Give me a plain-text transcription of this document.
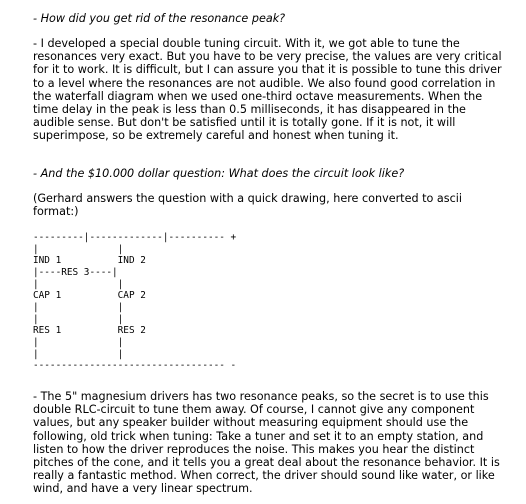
- How did you get rid of the resonance peak?

- I developed a special double tuning circuit. With it, we got able to tune the resonances very exact. But you have to be very precise, the values are very critical for it to work. It is difficult, but I can assure you that it is possible to tune this driver to a level where the resonances are not audible. We also found good correlation in the waterfall diagram when we used one-third octave measurements. When the time delay in the peak is less than 0.5 milliseconds, it has disappeared in the audible sense. But don't be satisfied until it is totally gone. If it is not, it will superimpose, so be extremely careful and honest when tuning it.

- And the $10.000 dollar question: What does the circuit look like?

(Gerhard answers the question with a quick drawing, here converted to ascii format:)

---------|-------------|---------- +
|              |
IND 1          IND 2
|----RES 3----|
|              |
CAP 1          CAP 2
|              |
|              |
RES 1          RES 2
|              |
|              |
---------------------------------- -

- The 5" magnesium drivers has two resonance peaks, so the secret is to use this double RLC-circuit to tune them away. Of course, I cannot give any component values, but any speaker builder without measuring equipment should use the following, old trick when tuning: Take a tuner and set it to an empty station, and listen to how the driver reproduces the noise. This makes you hear the distinct pitches of the cone, and it tells you a great deal about the resonance behavior. It is really a fantastic method. When correct, the driver should sound like water, or like wind, and have a very linear spectrum.
